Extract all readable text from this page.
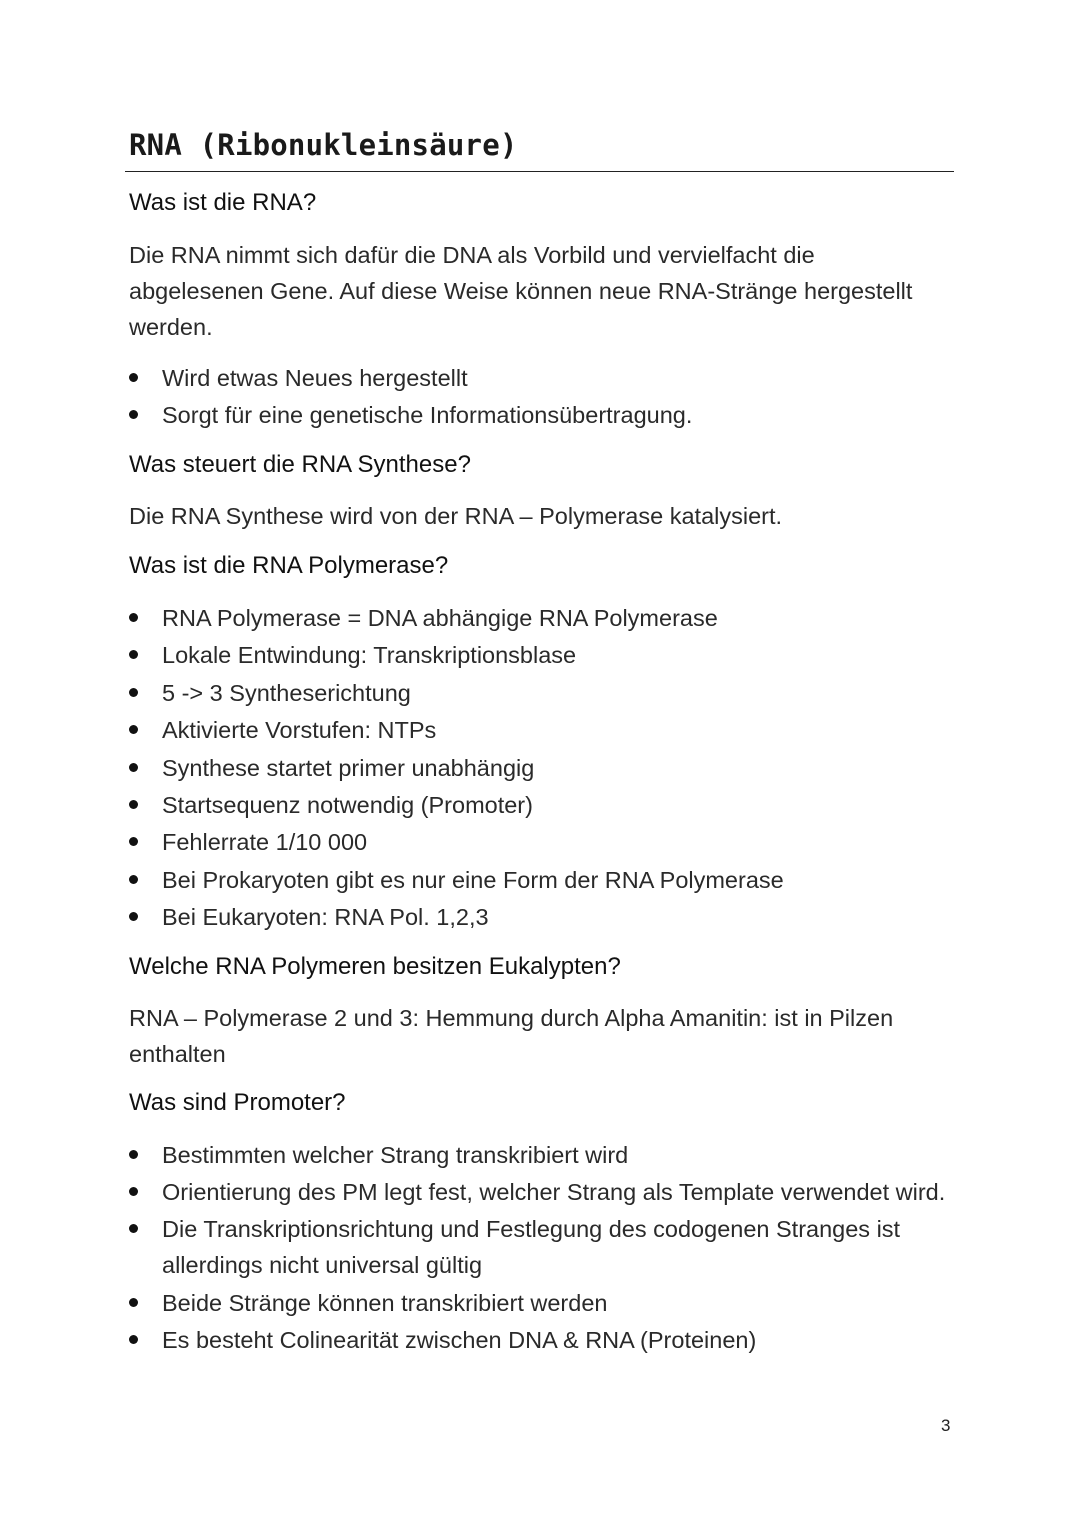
RNA (Ribonukleinsäure)
Was ist die RNA?

Die RNA nimmt sich dafür die DNA als Vorbild und vervielfacht die abgelesenen Gene. Auf diese Weise können neue RNA-Stränge hergestellt werden.

Wird etwas Neues hergestellt
Sorgt für eine genetische Informationsübertragung.
Was steuert die RNA Synthese?

Die RNA Synthese wird von der RNA – Polymerase katalysiert.

Was ist die RNA Polymerase?
RNA Polymerase = DNA abhängige RNA Polymerase
Lokale Entwindung: Transkriptionsblase
5 -> 3 Syntheserichtung
Aktivierte Vorstufen: NTPs
Synthese startet primer unabhängig
Startsequenz notwendig (Promoter)
Fehlerrate 1/10 000
Bei Prokaryoten gibt es nur eine Form der RNA Polymerase
Bei Eukaryoten: RNA Pol. 1,2,3
Welche RNA Polymeren besitzen Eukalypten?

RNA – Polymerase 2 und 3: Hemmung durch Alpha Amanitin: ist in Pilzen enthalten

Was sind Promoter?
Bestimmten welcher Strang transkribiert wird
Orientierung des PM legt fest, welcher Strang als Template verwendet wird.
Die Transkriptionsrichtung und Festlegung des codogenen Stranges ist allerdings nicht universal gültig
Beide Stränge können transkribiert werden
Es besteht Colinearität zwischen DNA & RNA (Proteinen)
3
